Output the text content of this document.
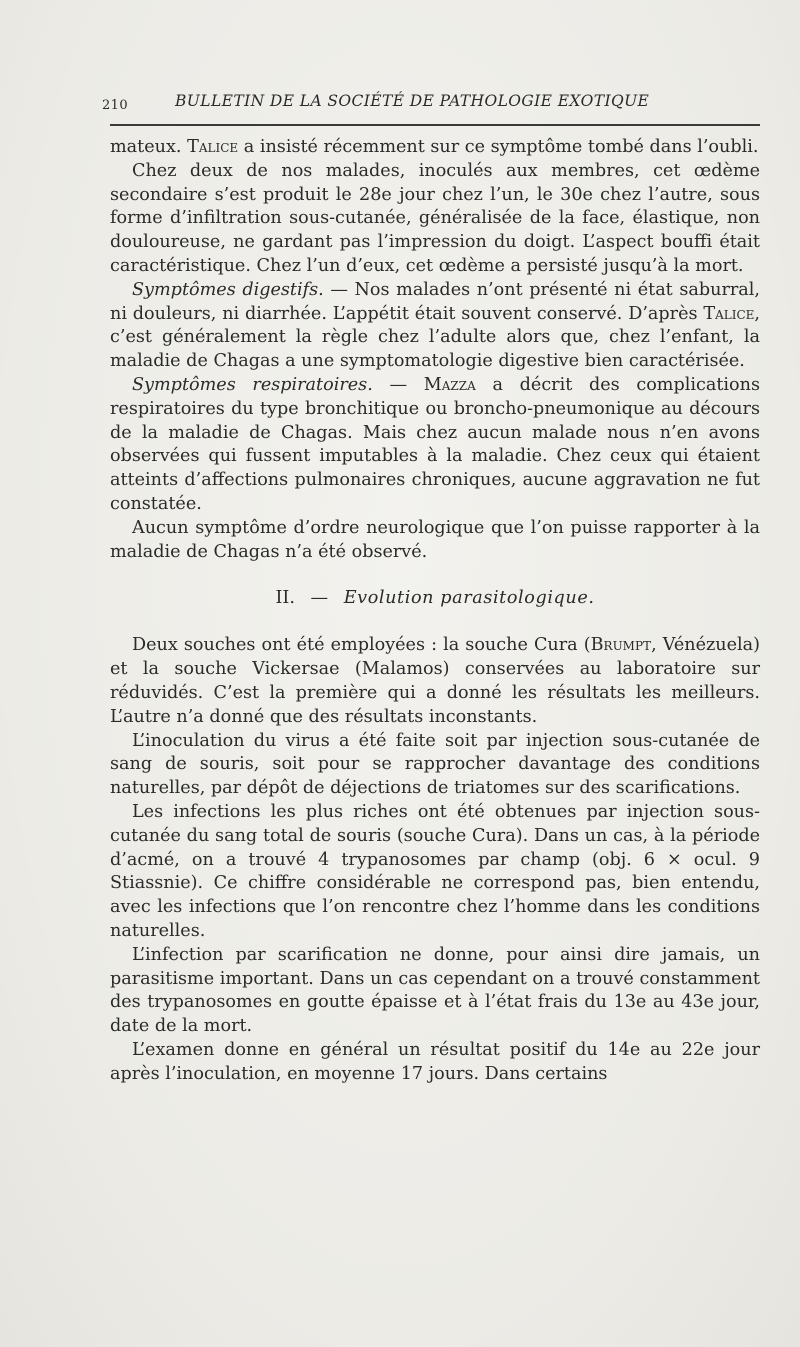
210	BULLETIN DE LA SOCIÉTÉ DE PATHOLOGIE EXOTIQUE

mateux. Talice a insisté récemment sur ce symptôme tombé dans l’oubli.

Chez deux de nos malades, inoculés aux membres, cet œdème secondaire s’est produit le 28e jour chez l’un, le 30e chez l’autre, sous forme d’infiltration sous-cutanée, généralisée de la face, élastique, non douloureuse, ne gardant pas l’impression du doigt. L’aspect bouffi était caractéristique. Chez l’un d’eux, cet œdème a persisté jusqu’à la mort.

Symptômes digestifs. — Nos malades n’ont présenté ni état saburral, ni douleurs, ni diarrhée. L’appétit était souvent conservé. D’après Talice, c’est généralement la règle chez l’adulte alors que, chez l’enfant, la maladie de Chagas a une symptomatologie digestive bien caractérisée.

Symptômes respiratoires. — Mazza a décrit des complications respiratoires du type bronchitique ou broncho-pneumonique au décours de la maladie de Chagas. Mais chez aucun malade nous n’en avons observées qui fussent imputables à la maladie. Chez ceux qui étaient atteints d’affections pulmonaires chroniques, aucune aggravation ne fut constatée.

Aucun symptôme d’ordre neurologique que l’on puisse rapporter à la maladie de Chagas n’a été observé.

II. — Evolution parasitologique.

Deux souches ont été employées : la souche Cura (Brumpt, Vénézuela) et la souche Vickersae (Malamos) conservées au laboratoire sur réduvidés. C’est la première qui a donné les résultats les meilleurs. L’autre n’a donné que des résultats inconstants.

L’inoculation du virus a été faite soit par injection sous-cutanée de sang de souris, soit pour se rapprocher davantage des conditions naturelles, par dépôt de déjections de triatomes sur des scarifications.

Les infections les plus riches ont été obtenues par injection sous-cutanée du sang total de souris (souche Cura). Dans un cas, à la période d’acmé, on a trouvé 4 trypanosomes par champ (obj. 6 × ocul. 9 Stiassnie). Ce chiffre considérable ne correspond pas, bien entendu, avec les infections que l’on rencontre chez l’homme dans les conditions naturelles.

L’infection par scarification ne donne, pour ainsi dire jamais, un parasitisme important. Dans un cas cependant on a trouvé constamment des trypanosomes en goutte épaisse et à l’état frais du 13e au 43e jour, date de la mort.

L’examen donne en général un résultat positif du 14e au 22e jour après l’inoculation, en moyenne 17 jours. Dans certains
